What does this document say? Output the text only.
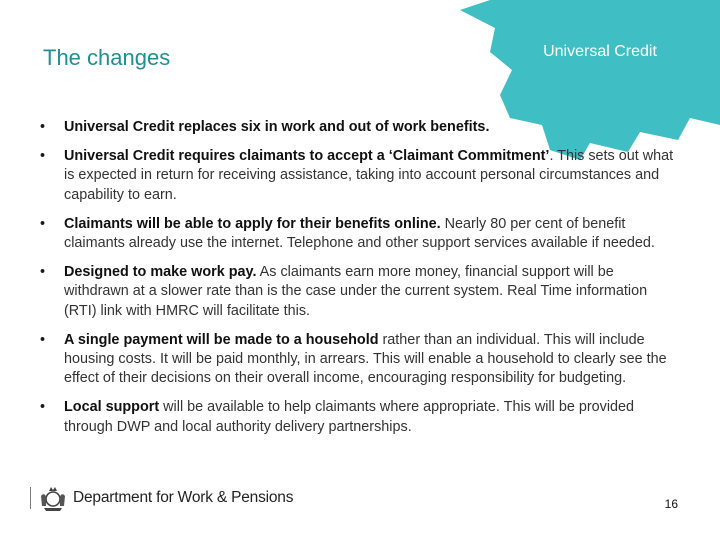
Universal Credit
The changes
• Universal Credit replaces six in work and out of work benefits.
• Universal Credit requires claimants to accept a ‘Claimant Commitment’. This sets out what is expected in return for receiving assistance, taking into account personal circumstances and capability to earn.
• Claimants will be able to apply for their benefits online. Nearly 80 per cent of benefit claimants already use the internet. Telephone and other support services available if needed.
• Designed to make work pay. As claimants earn more money, financial support will be withdrawn at a slower rate than is the case under the current system. Real Time information (RTI) link with HMRC will facilitate this.
• A single payment will be made to a household rather than an individual. This will include housing costs. It will be paid monthly, in arrears. This will enable a household to clearly see the effect of their decisions on their overall income, encouraging responsibility for budgeting.
• Local support will be available to help claimants where appropriate. This will be provided through DWP and local authority delivery partnerships.
Department for Work & Pensions	16
